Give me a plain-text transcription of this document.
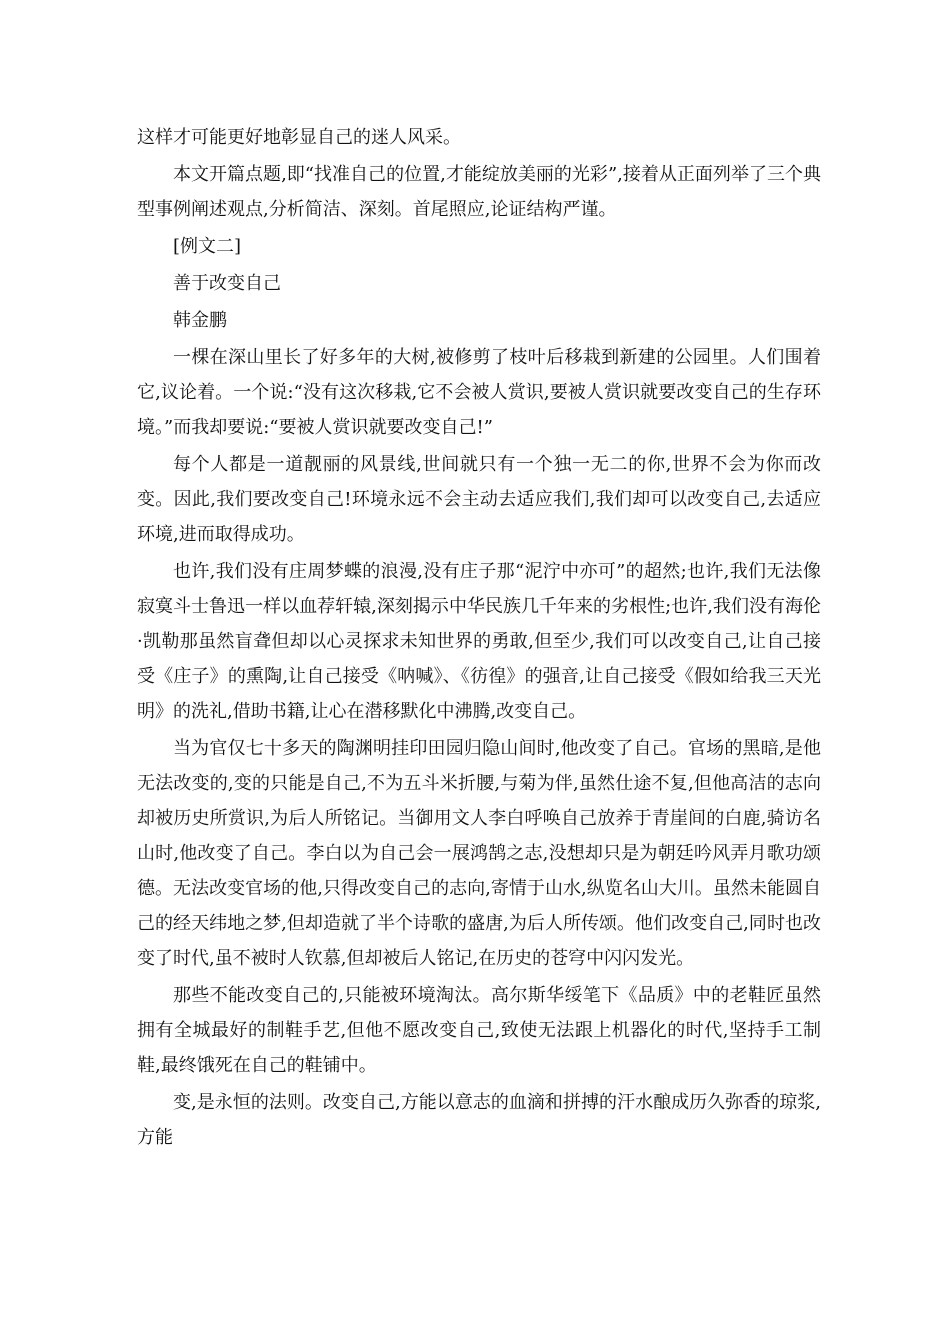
这样才可能更好地彰显自己的迷人风采。

本文开篇点题,即“找准自己的位置,才能绽放美丽的光彩”,接着从正面列举了三个典型事例阐述观点,分析简洁、深刻。首尾照应,论证结构严谨。

[例文二]

善于改变自己

韩金鹏

一棵在深山里长了好多年的大树,被修剪了枝叶后移栽到新建的公园里。人们围着它,议论着。一个说:“没有这次移栽,它不会被人赏识,要被人赏识就要改变自己的生存环境。”而我却要说:“要被人赏识就要改变自己!”

每个人都是一道靓丽的风景线,世间就只有一个独一无二的你,世界不会为你而改变。因此,我们要改变自己!环境永远不会主动去适应我们,我们却可以改变自己,去适应环境,进而取得成功。

也许,我们没有庄周梦蝶的浪漫,没有庄子那“泥泞中亦可”的超然;也许,我们无法像寂寞斗士鲁迅一样以血荐轩辕,深刻揭示中华民族几千年来的劣根性;也许,我们没有海伦·凯勒那虽然盲聋但却以心灵探求未知世界的勇敢,但至少,我们可以改变自己,让自己接受《庄子》的熏陶,让自己接受《呐喊》、《彷徨》的强音,让自己接受《假如给我三天光明》的洗礼,借助书籍,让心在潜移默化中沸腾,改变自己。

当为官仅七十多天的陶渊明挂印田园归隐山间时,他改变了自己。官场的黑暗,是他无法改变的,变的只能是自己,不为五斗米折腰,与菊为伴,虽然仕途不复,但他高洁的志向却被历史所赏识,为后人所铭记。当御用文人李白呼唤自己放养于青崖间的白鹿,骑访名山时,他改变了自己。李白以为自己会一展鸿鹄之志,没想却只是为朝廷吟风弄月歌功颂德。无法改变官场的他,只得改变自己的志向,寄情于山水,纵览名山大川。虽然未能圆自己的经天纬地之梦,但却造就了半个诗歌的盛唐,为后人所传颂。他们改变自己,同时也改变了时代,虽不被时人钦慕,但却被后人铭记,在历史的苍穹中闪闪发光。

那些不能改变自己的,只能被环境淘汰。高尔斯华绥笔下《品质》中的老鞋匠虽然拥有全城最好的制鞋手艺,但他不愿改变自己,致使无法跟上机器化的时代,坚持手工制鞋,最终饿死在自己的鞋铺中。

变,是永恒的法则。改变自己,方能以意志的血滴和拼搏的汗水酿成历久弥香的琼浆,方能
